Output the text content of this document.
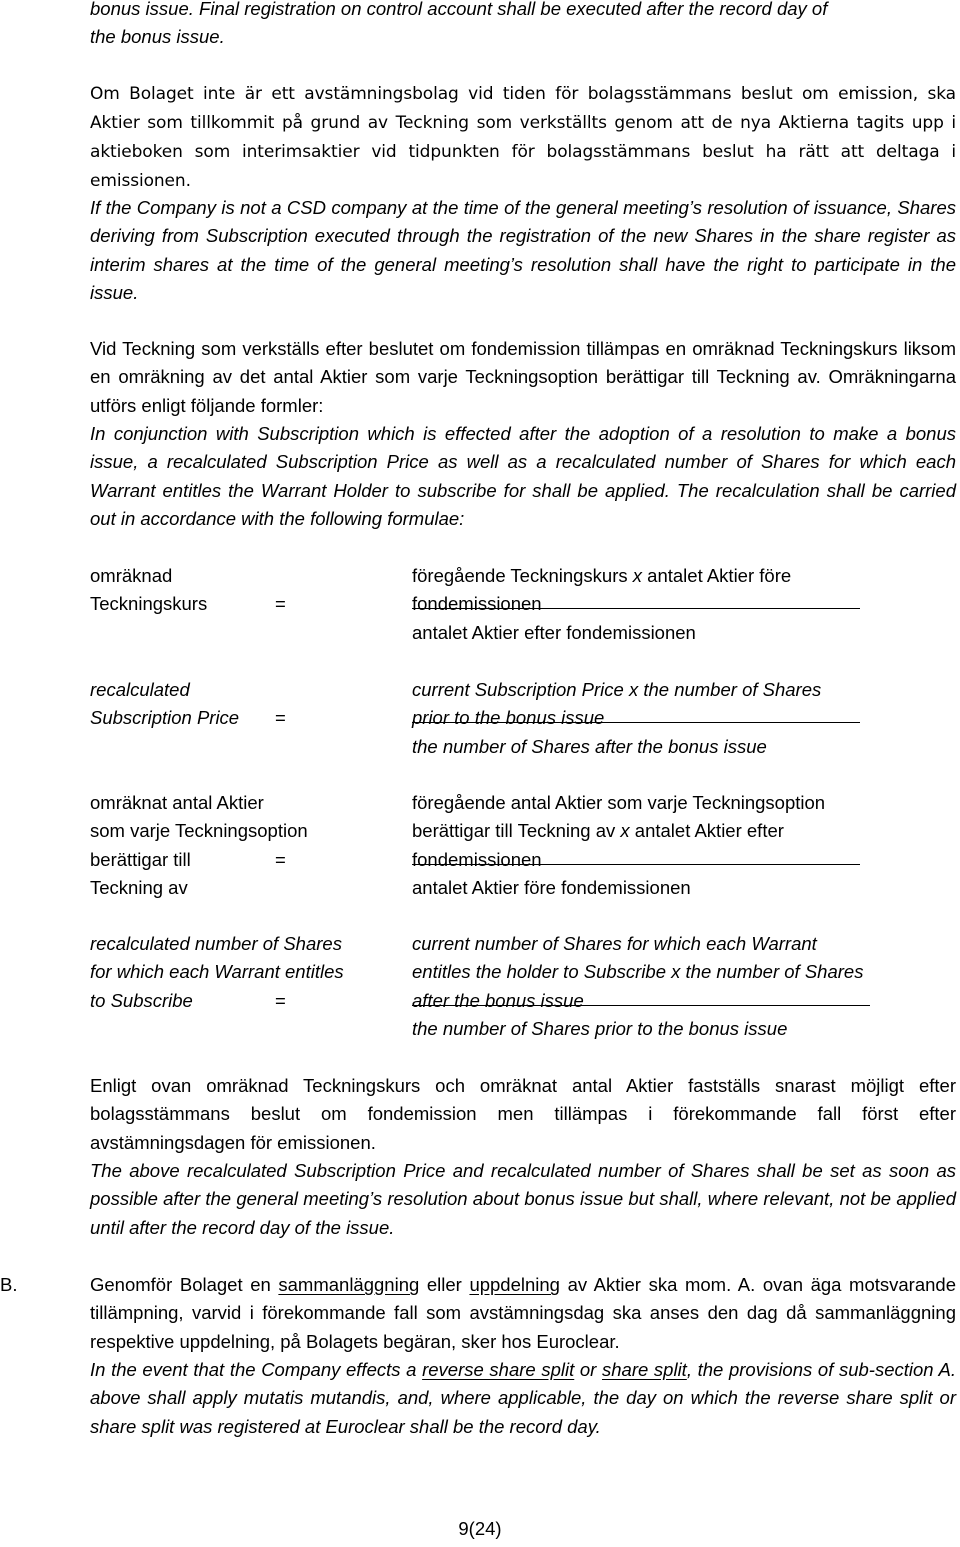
bonus issue. Final registration on control account shall be executed after the record day of
the bonus issue.

Om Bolaget inte är ett avstämningsbolag vid tiden för bolagsstämmans beslut om emission, ska Aktier som tillkommit på grund av Teckning som verkställts genom att de nya Aktierna tagits upp i aktieboken som interimsaktier vid tidpunkten för bolagsstämmans beslut ha rätt att deltaga i emissionen.

If the Company is not a CSD company at the time of the general meeting’s resolution of issuance, Shares deriving from Subscription executed through the registration of the new Shares in the share register as interim shares at the time of the general meeting’s resolution shall have the right to participate in the issue.

Vid Teckning som verkställs efter beslutet om fondemission tillämpas en omräknad Teckningskurs liksom en omräkning av det antal Aktier som varje Teckningsoption berättigar till Teckning av. Omräkningarna utförs enligt följande formler:

In conjunction with Subscription which is effected after the adoption of a resolution to make a bonus issue, a recalculated Subscription Price as well as a recalculated number of Shares for which each Warrant entitles the Warrant Holder to subscribe for shall be applied. The recalculation shall be carried out in accordance with the following formulae:

omräknad
Teckningskurs	=
föregående Teckningskurs x antalet Aktier före
fondemissionen
antalet Aktier efter fondemissionen
recalculated
Subscription Price	=
current Subscription Price x the number of Shares
prior to the bonus issue
the number of Shares after the bonus issue
omräknat antal Aktier
som varje Teckningsoption
berättigar till
Teckning av
=
föregående antal Aktier som varje Teckningsoption
berättigar till Teckning av x antalet Aktier efter
fondemissionen
antalet Aktier före fondemissionen
recalculated number of Shares
for which each Warrant entitles
to Subscribe	=
current number of Shares for which each Warrant
entitles the holder to Subscribe x the number of Shares
after the bonus issue
the number of Shares prior to the bonus issue

Enligt ovan omräknad Teckningskurs och omräknat antal Aktier fastställs snarast möjligt efter bolagsstämmans beslut om fondemission men tillämpas i förekommande fall först efter avstämningsdagen för emissionen.

The above recalculated Subscription Price and recalculated number of Shares shall be set as soon as possible after the general meeting’s resolution about bonus issue but shall, where relevant, not be applied until after the record day of the issue.

B.	Genomför Bolaget en sammanläggning eller uppdelning av Aktier ska mom. A. ovan äga motsvarande tillämpning, varvid i förekommande fall som avstämningsdag ska anses den dag då sammanläggning respektive uppdelning, på Bolagets begäran, sker hos Euroclear.

In the event that the Company effects a reverse share split or share split, the provisions of sub-section A. above shall apply mutatis mutandis, and, where applicable, the day on which the reverse share split or share split was registered at Euroclear shall be the record day.

9(24)
